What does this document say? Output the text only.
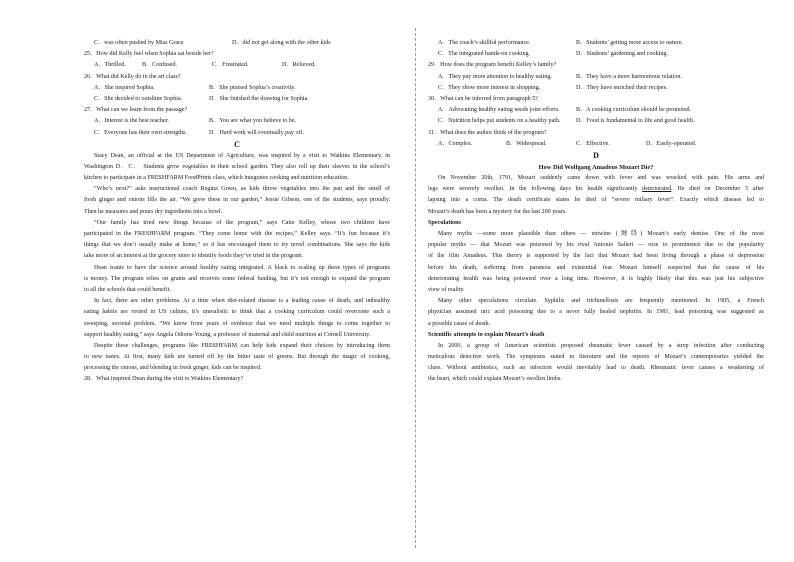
C．was often pushed by Miss Grace	D．did not get along with the other kids
25．How did Kelly feel when Sophia sat beside her?
A．Thrilled.	B．Confused.	C．Frustrated.	D．Relieved.
26．What did Kelly do in the art class?
A．She inspired Sophia.	B．She praised Sophia’s creativity.
C．She decided to outshine Sophia.	D．She finished the drawing for Sophia.
27．What can we learn from the passage?
A．Interest is the best teacher.	B．You are what you believe to be.
C．Everyone has their own strengths.	D．Hard work will eventually pay off.
C
Stacy Dean, an official at the US Department of Agriculture, was inspired by a visit to Watkins Elementary, in
Washington D．C． Students grow vegetables in their school garden. They also roll up their sleeves in the school’s
kitchen to participate in a FRESHFARM FoodPrints class, which integrates cooking and nutrition education.
“Who’s next?” asks instructional coach Regina Green, as kids throw vegetables into the pan and the smell of
fresh ginger and onions fills the air. “We grew these in our garden,” Jessie Gibson, one of the students, says proudly.
Then he measures and pours dry ingredients into a bowl.
“Our family has tried new things because of the program,” says Catie Kelley, whose two children have
participated in the FRESHFARM program. “They come home with the recipes,” Kelley says. “It’s fun because it’s
things that we don’t usually make at home,” so it has encouraged them to try novel combinations. She says the kids
take more of an interest at the grocery store to identify foods they’ve tried in the program.
Dean wants to have the science around healthy eating integrated. A black to scaling up these types of programs
is money. The program relies on grants and receives some federal funding, but it’s not enough to expand the program
to all the schools that could benefit.
In fact, there are other problems. At a time when diet-related disease is a leading cause of death, and unhealthy
eating habits are rooted in US culture, it’s unrealistic to think that a cooking curriculum could overcome such a
sweeping, societal problem. “We know from years of evidence that we need multiple things to come together to
support healthy eating,” says Angela Odoms-Young, a professor of maternal and child nutrition at Cornell University.
Despite these challenges, programs like FRESHFARM can help kids expand their choices by introducing them
to new tastes. At first, many kids are turned off by the bitter taste of greens. But through the magic of cooking,
processing the onions, and blending in fresh ginger, kids can be inspired.
28．What inspired Dean during the visit to Watkins Elementary?
A．The coach’s skillful performance.	B．Students’ getting more access to nature.
C．The integrated hands-on cooking.	D．Students’ gardening and cooking.
29．How does the program benefit Kelley’s family?
A．They pay more attention to healthy eating.	B．They have a more harmonious relation.
C．They show more interest in shopping.	D．They have enriched their recipes.
30．What can be inferred from paragraph 5?
A．Advocating healthy eating needs joint efforts.	B．A cooking curriculum should be promoted.
C．Nutrition helps put students on a healthy path.	D．Food is fundamental to life and good health.
31．What does the author think of the program?
A．Complex.	B．Widespread.	C．Effective.	D．Easily-operated.
D
How Did Wolfgang Amadeus Mozart Die?
On November 20th, 1791, Mozart suddenly came down with fever and was wracked with pain. His arms and
legs were severely swollen. In the following days his health significantly deteriorated. He died on December 5 after
lapsing into a coma. The death certificate states he died of “severe miliary fever”. Exactly which disease led to
Mozart’s death has been a mystery for the last 200 years.
Speculations
Many myths —some more plausible than others — entwine (缠绕) Mozart’s early demise. One of the most
popular myths — that Mozart was poisoned by his rival Antonio Salieri — rose to prominence due to the popularity
of the film Amadeus. This theory is supported by the fact that Mozart had been living through a phase of depression
before his death, suffering from paranoia and existential fear. Mozart himself suspected that the cause of his
deteriorating health was being poisoned over a long time. However, it is highly likely that this was just his subjective
view of reality.
Many other speculations circulate. Syphilis and trichinellosis are frequently mentioned. In 1905, a French
physician assumed uric acid poisoning due to a never fully healed nephritis. In 1981, lead poisoning was suggested as
a possible cause of death.
Scientific attempts to explain Mozart’s death
In 2000, a group of American scientists proposed rheumatic fever caused by a strep infection after conducting
meticulous detective work. The symptoms stated in literature and the reports of Mozart’s contemporaries yielded the
clues. Without antibiotics, such an infection would inevitably lead to death. Rheumatic fever causes a weakening of
the heart, which could explain Mozart’s swollen limbs.
